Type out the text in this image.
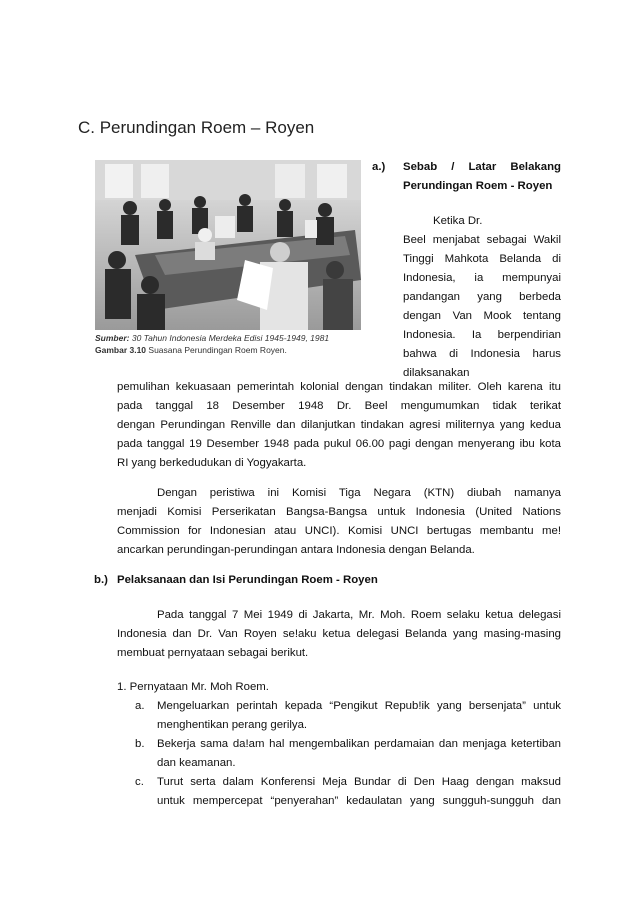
C. Perundingan Roem – Royen
Sumber: 30 Tahun Indonesia Merdeka Edisi 1945-1949, 1981
Gambar 3.10 Suasana Perundingan Roem Royen.
a.) Sebab / Latar Belakang
Perundingan Roem - Royen
Ketika Dr.
Beel menjabat sebagai Wakil
Tinggi Mahkota Belanda di
Indonesia, ia mempunyai
pandangan yang berbeda
dengan Van Mook tentang
Indonesia. Ia berpendirian
bahwa di Indonesia harus
dilaksanakan
pemulihan kekuasaan pemerintah kolonial dengan tindakan militer. Oleh karena itu
pada tanggal 18 Desember 1948 Dr. Beel mengumumkan tidak terikat
dengan Perundingan Renville dan dilanjutkan tindakan agresi militernya yang kedua
pada tanggal 19 Desember 1948 pada pukul 06.00 pagi dengan menyerang ibu kota
RI yang berkedudukan di Yogyakarta.
Dengan peristiwa ini Komisi Tiga Negara (KTN) diubah namanya
menjadi Komisi Perserikatan Bangsa-Bangsa untuk Indonesia (United Nations
Commission for Indonesian atau UNCI). Komisi UNCI bertugas membantu me!
ancarkan perundingan-perundingan antara Indonesia dengan Belanda.
b.) Pelaksanaan dan Isi Perundingan Roem - Royen
Pada tanggal 7 Mei 1949 di Jakarta, Mr. Moh. Roem selaku ketua delegasi
Indonesia dan Dr. Van Royen se!aku ketua delegasi Belanda yang masing-masing
membuat pernyataan sebagai berikut.
1. Pernyataan Mr. Moh Roem.
a. Mengeluarkan perintah kepada “Pengikut Repub!ik yang bersenjata” untuk
menghentikan perang gerilya.
b. Bekerja sama da!am hal mengembalikan perdamaian dan menjaga ketertiban
dan keamanan.
c. Turut serta dalam Konferensi Meja Bundar di Den Haag dengan maksud
untuk mempercepat “penyerahan” kedaulatan yang sungguh-sungguh dan
